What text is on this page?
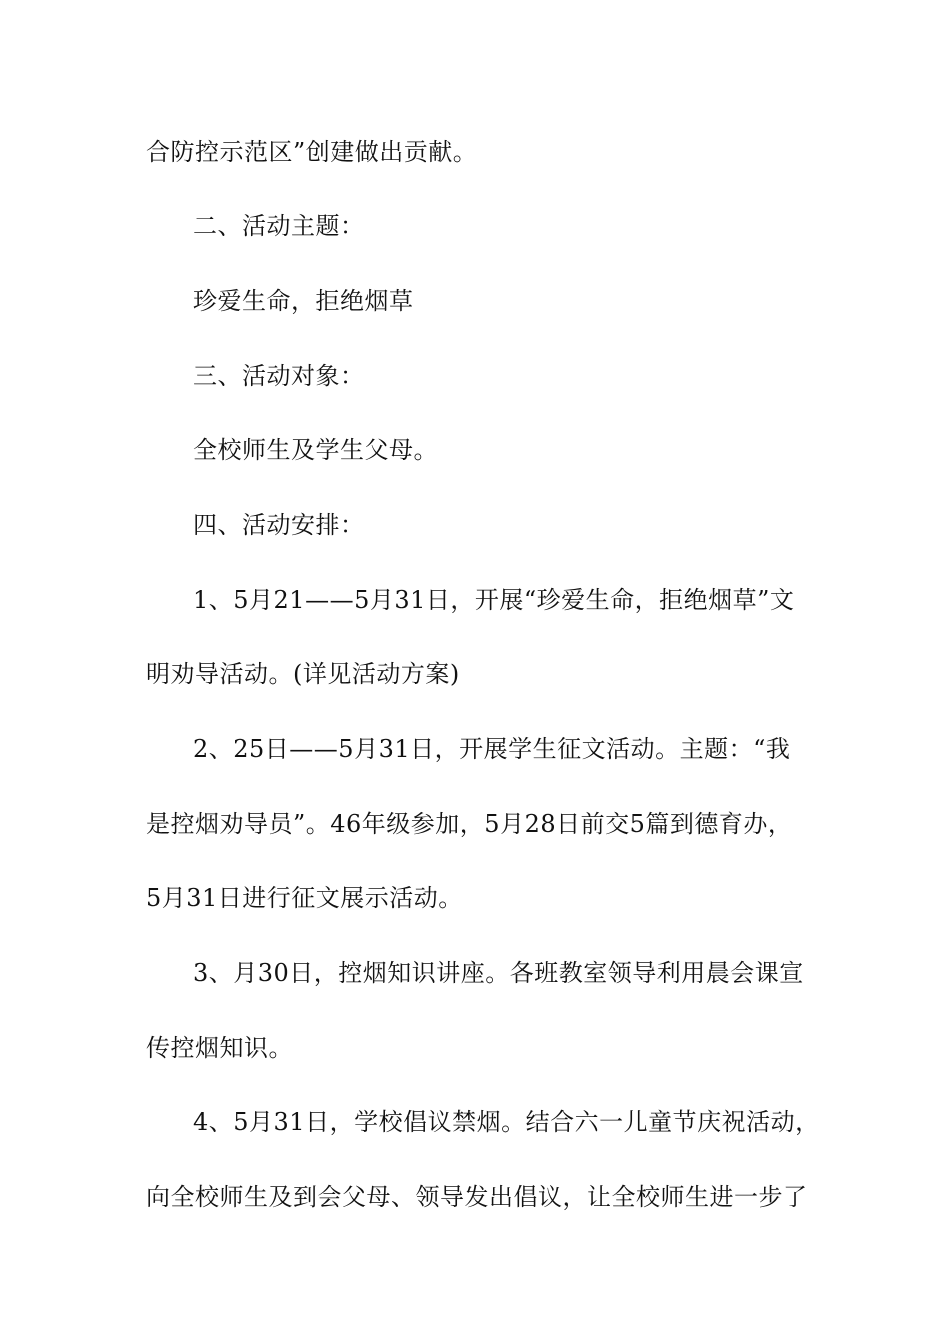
合防控示范区”创建做出贡献。
二、活动主题：
珍爱生命，拒绝烟草
三、活动对象：
全校师生及学生父母。
四、活动安排：
1、5月21——5月31日，开展“珍爱生命，拒绝烟草”文
明劝导活动。(详见活动方案)
2、25日——5月31日，开展学生征文活动。主题：“我
是控烟劝导员”。46年级参加，5月28日前交5篇到德育办，
5月31日进行征文展示活动。
3、月30日，控烟知识讲座。各班教室领导利用晨会课宣
传控烟知识。
4、5月31日，学校倡议禁烟。结合六一儿童节庆祝活动，
向全校师生及到会父母、领导发出倡议，让全校师生进一步了
